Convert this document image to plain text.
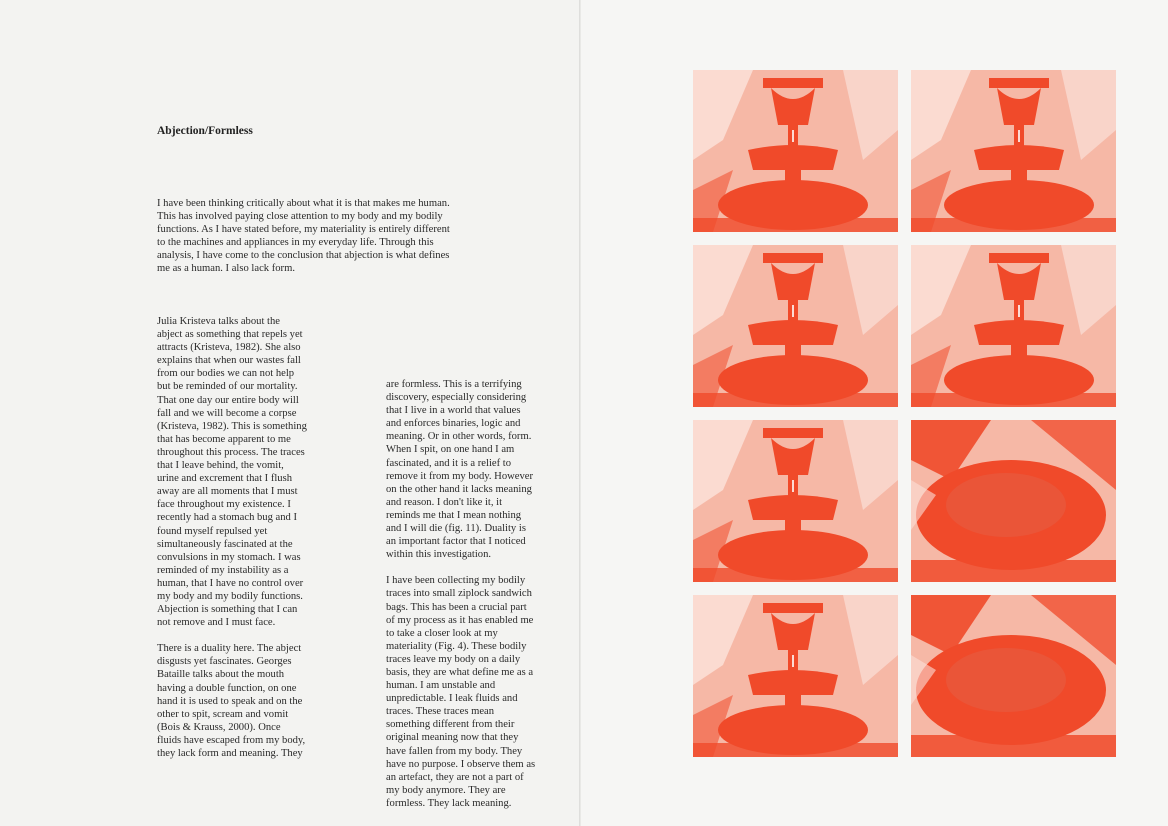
Abjection/Formless
I have been thinking critically about what it is that makes me human. This has involved paying close attention to my body and my bodily functions. As I have stated before, my materiality is entirely different to the machines and appliances in my everyday life. Through this analysis, I have come to the conclusion that abjection is what defines me as a human. I also lack form.

Julia Kristeva talks about the abject as something that repels yet attracts (Kristeva, 1982). She also explains that when our wastes fall from our bodies we can not help but be reminded of our mortality. That one day our entire body will fall and we will become a corpse (Kristeva, 1982). This is something that has become apparent to me throughout this process. The traces that I leave behind, the vomit, urine and excrement that I flush away are all moments that I must face throughout my existence. I recently had a stomach bug and I found myself repulsed yet simultaneously fascinated at the convulsions in my stomach. I was reminded of my instability as a human, that I have no control over my body and my bodily functions. Abjection is something that I can not remove and I must face.

There is a duality here. The abject disgusts yet fascinates. Georges Bataille talks about the mouth having a double function, on one hand it is used to speak and on the other to spit, scream and vomit (Bois & Krauss, 2000). Once fluids have escaped from my body, they lack form and meaning. They

are formless. This is a terrifying discovery, especially considering that I live in a world that values and enforces binaries, logic and meaning. Or in other words, form. When I spit, on one hand I am fascinated, and it is a relief to remove it from my body. However on the other hand it lacks meaning and reason. I don't like it, it reminds me that I mean nothing and I will die (fig. 11). Duality is an important factor that I noticed within this investigation.

I have been collecting my bodily traces into small ziplock sandwich bags. This has been a crucial part of my process as it has enabled me to take a closer look at my materiality (Fig. 4). These bodily traces leave my body on a daily basis, they are what define me as a human. I am unstable and unpredictable. I leak fluids and traces. These traces mean something different from their original meaning now that they have fallen from my body. They have no purpose. I observe them as an artefact, they are not a part of my body anymore. They are formless. They lack meaning.
